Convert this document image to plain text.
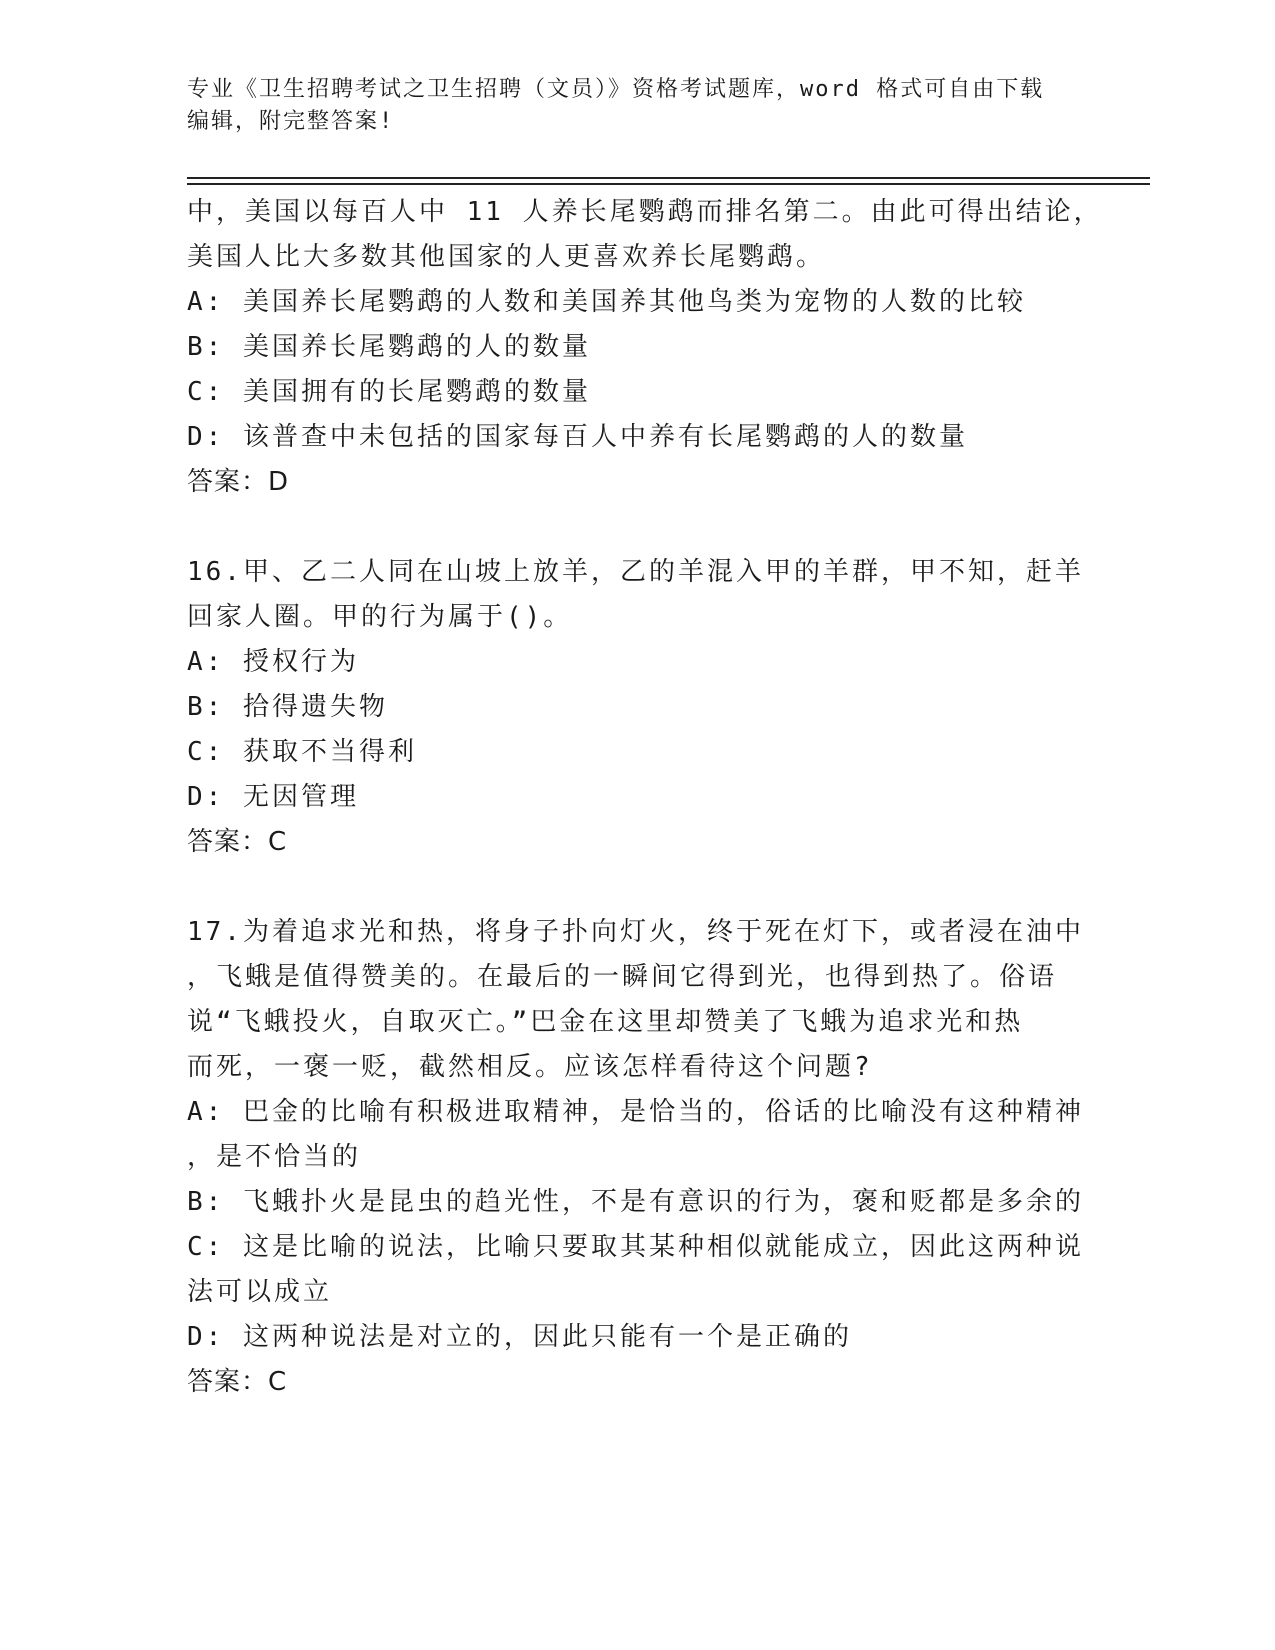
专业《卫生招聘考试之卫生招聘（文员）》资格考试题库，word 格式可自由下载
编辑，附完整答案!
中，美国以每百人中 11 人养长尾鹦鹉而排名第二。由此可得出结论，
美国人比大多数其他国家的人更喜欢养长尾鹦鹉。
A: 美国养长尾鹦鹉的人数和美国养其他鸟类为宠物的人数的比较
B: 美国养长尾鹦鹉的人的数量
C: 美国拥有的长尾鹦鹉的数量
D: 该普查中未包括的国家每百人中养有长尾鹦鹉的人的数量
答案：D
16.甲、乙二人同在山坡上放羊，乙的羊混入甲的羊群，甲不知，赶羊
回家人圈。甲的行为属于()。
A: 授权行为
B: 拾得遗失物
C: 获取不当得利
D: 无因管理
答案：C
17.为着追求光和热，将身子扑向灯火，终于死在灯下，或者浸在油中
，飞蛾是值得赞美的。在最后的一瞬间它得到光，也得到热了。俗语
说“飞蛾投火，自取灭亡。”巴金在这里却赞美了飞蛾为追求光和热
而死，一褒一贬，截然相反。应该怎样看待这个问题?
A: 巴金的比喻有积极进取精神，是恰当的，俗话的比喻没有这种精神
，是不恰当的
B: 飞蛾扑火是昆虫的趋光性，不是有意识的行为，褒和贬都是多余的
C: 这是比喻的说法，比喻只要取其某种相似就能成立，因此这两种说
法可以成立
D: 这两种说法是对立的，因此只能有一个是正确的
答案：C
